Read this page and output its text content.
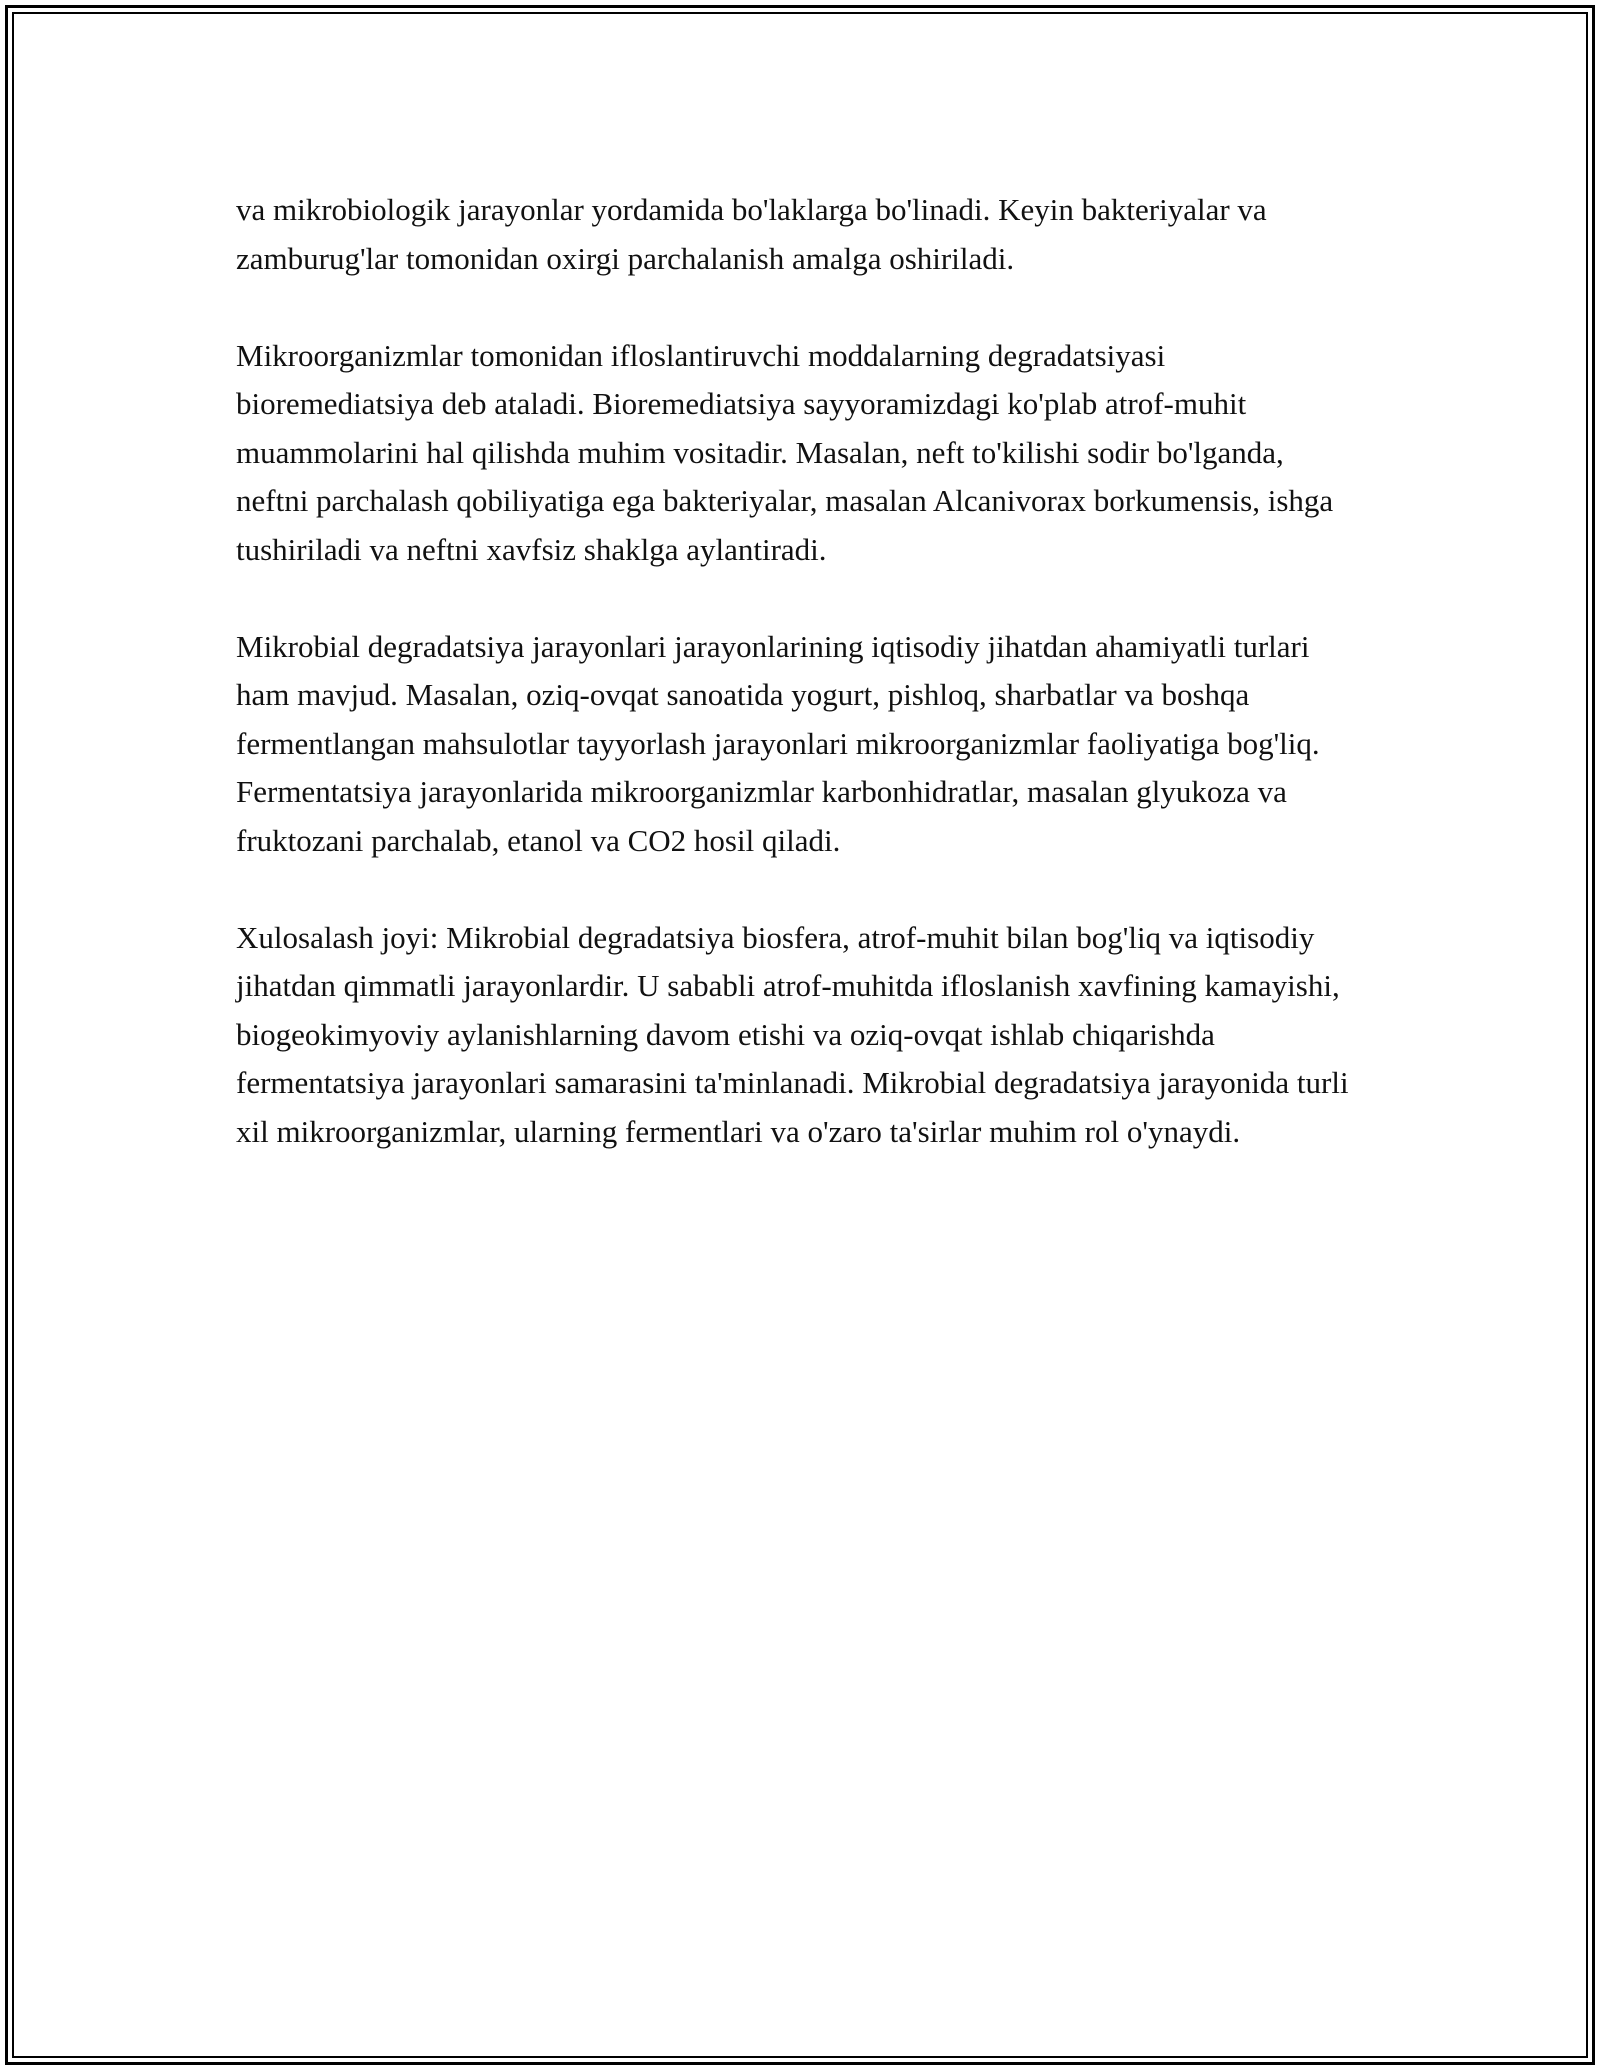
va mikrobiologik jarayonlar yordamida bo'laklarga bo'linadi. Keyin bakteriyalar va zamburug'lar tomonidan oxirgi parchalanish amalga oshiriladi.

Mikroorganizmlar tomonidan ifloslantiruvchi moddalarning degradatsiyasi bioremediatsiya deb ataladi. Bioremediatsiya sayyoramizdagi ko'plab atrof-muhit muammolarini hal qilishda muhim vositadir. Masalan, neft to'kilishi sodir bo'lganda, neftni parchalash qobiliyatiga ega bakteriyalar, masalan Alcanivorax borkumensis, ishga tushiriladi va neftni xavfsiz shaklga aylantiradi.

Mikrobial degradatsiya jarayonlari jarayonlarining iqtisodiy jihatdan ahamiyatli turlari ham mavjud. Masalan, oziq-ovqat sanoatida yogurt, pishloq, sharbatlar va boshqa fermentlangan mahsulotlar tayyorlash jarayonlari mikroorganizmlar faoliyatiga bog'liq. Fermentatsiya jarayonlarida mikroorganizmlar karbonhidratlar, masalan glyukoza va fruktozani parchalab, etanol va CO2 hosil qiladi.

Xulosalash joyi: Mikrobial degradatsiya biosfera, atrof-muhit bilan bog'liq va iqtisodiy jihatdan qimmatli jarayonlardir. U sababli atrof-muhitda ifloslanish xavfining kamayishi, biogeokimyoviy aylanishlarning davom etishi va oziq-ovqat ishlab chiqarishda fermentatsiya jarayonlari samarasini ta'minlanadi. Mikrobial degradatsiya jarayonida turli xil mikroorganizmlar, ularning fermentlari va o'zaro ta'sirlar muhim rol o'ynaydi.
